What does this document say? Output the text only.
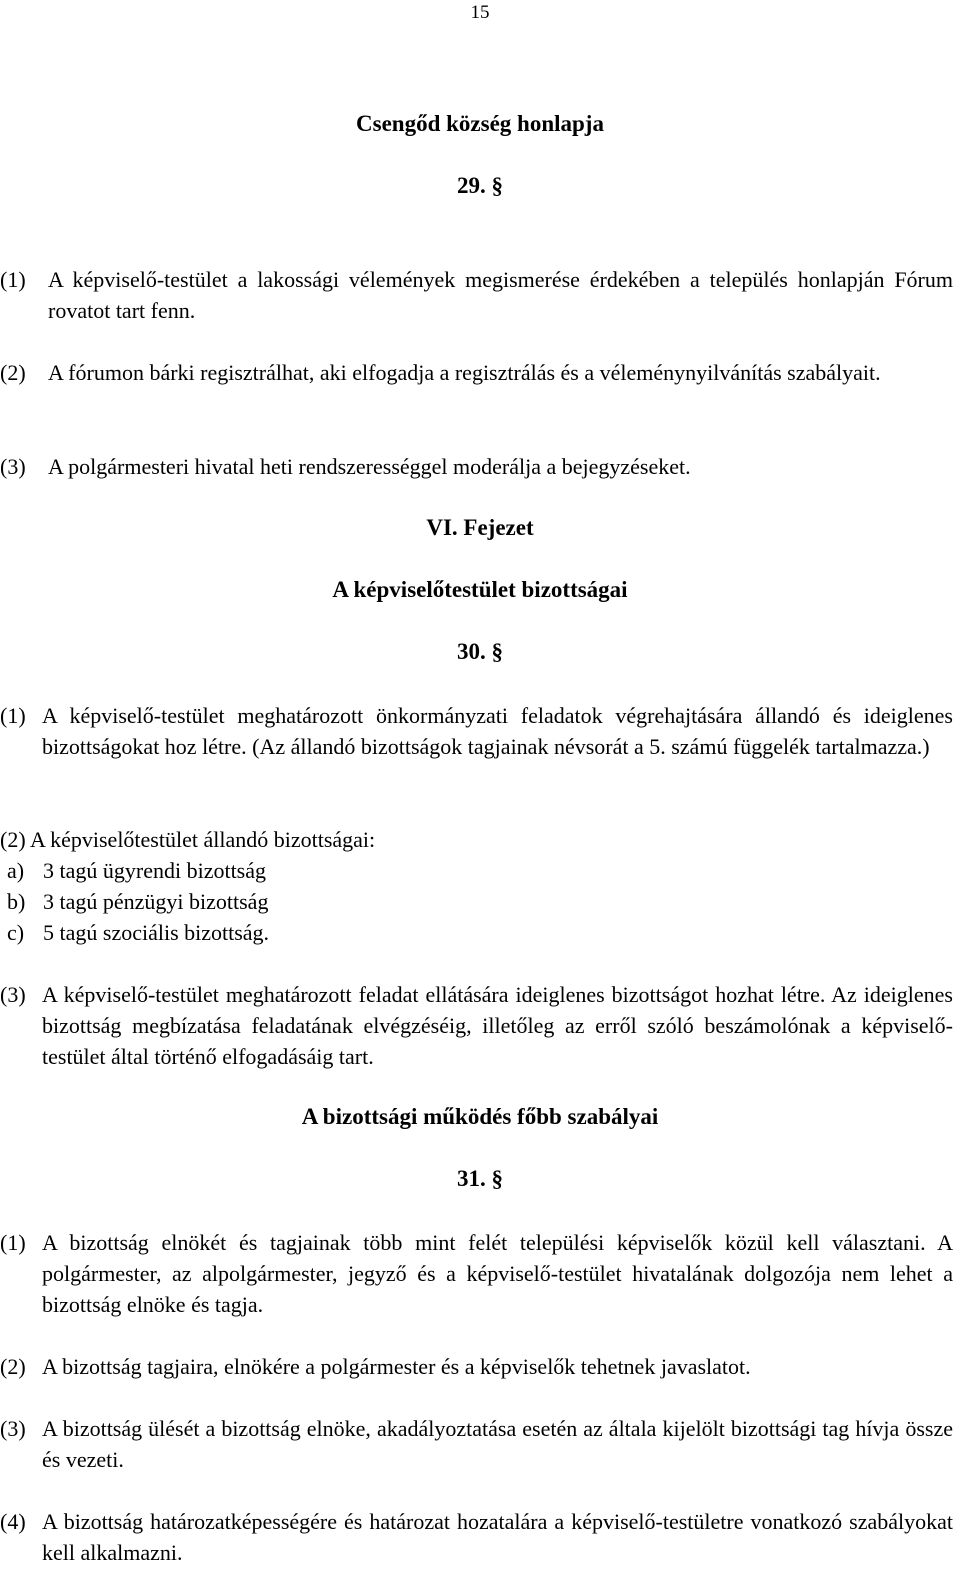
15
Csengőd község honlapja
29. §
(1)	A képviselő-testület a lakossági vélemények megismerése érdekében a település honlapján Fórum rovatot tart fenn.
(2)	A fórumon bárki regisztrálhat, aki elfogadja a regisztrálás és a véleménynyilvánítás szabályait.
(3)	A polgármesteri hivatal heti rendszerességgel moderálja a bejegyzéseket.
VI. Fejezet
A képviselőtestület bizottságai
30. §
(1) A képviselő-testület meghatározott önkormányzati feladatok végrehajtására állandó és ideiglenes bizottságokat hoz létre. (Az állandó bizottságok tagjainak névsorát a 5. számú függelék tartalmazza.)
(2) A képviselőtestület állandó bizottságai:
a) 3 tagú ügyrendi bizottság
b) 3 tagú pénzügyi bizottság
c) 5 tagú szociális bizottság.
(3) A képviselő-testület meghatározott feladat ellátására ideiglenes bizottságot hozhat létre. Az ideiglenes bizottság megbízatása feladatának elvégzéséig, illetőleg az erről szóló beszámolónak a képviselő-testület által történő elfogadásáig tart.
A bizottsági működés főbb szabályai
31. §
(1) A bizottság elnökét és tagjainak több mint felét települési képviselők közül kell választani. A polgármester, az alpolgármester, jegyző és a képviselő-testület hivatalának dolgozója nem lehet a bizottság elnöke és tagja.
(2) A bizottság tagjaira, elnökére a polgármester és a képviselők tehetnek javaslatot.
(3) A bizottság ülését a bizottság elnöke, akadályoztatása esetén az általa kijelölt bizottsági tag hívja össze és vezeti.
(4) A bizottság határozatképességére és határozat hozatalára a képviselő-testületre vonatkozó szabályokat kell alkalmazni.
